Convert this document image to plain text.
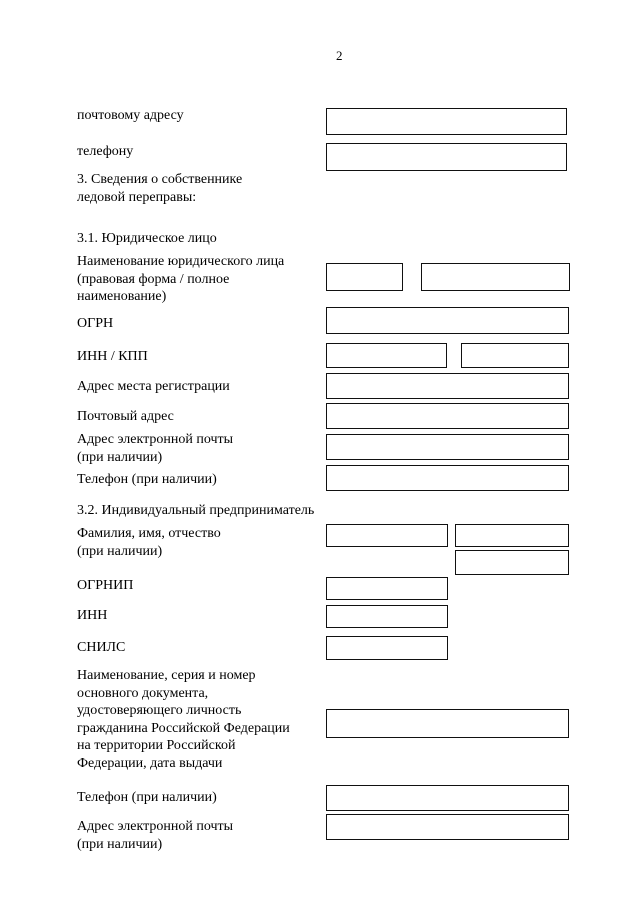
2
почтовому адресу
телефону
3. Сведения о собственнике
ледовой переправы:
3.1. Юридическое лицо
Наименование юридического лица
(правовая форма / полное
наименование)
ОГРН
ИНН / КПП
Адрес места регистрации
Почтовый адрес
Адрес электронной почты
(при наличии)
Телефон (при наличии)
3.2. Индивидуальный предприниматель
Фамилия, имя, отчество
(при наличии)
ОГРНИП
ИНН
СНИЛС
Наименование, серия и номер
основного документа,
удостоверяющего личность
гражданина Российской Федерации
на территории Российской
Федерации, дата выдачи
Телефон (при наличии)
Адрес электронной почты
(при наличии)
